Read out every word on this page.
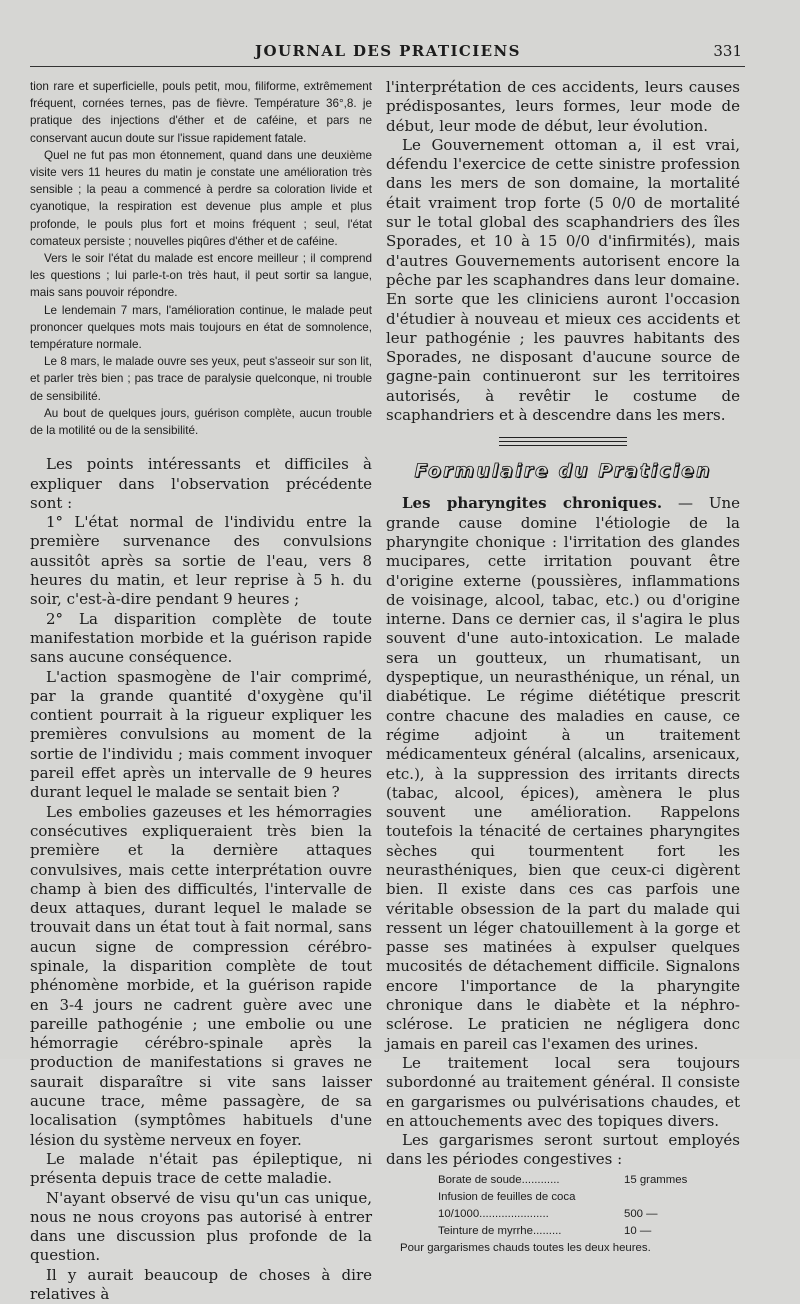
JOURNAL DES PRATICIENS	331

tion rare et superficielle, pouls petit, mou, filiforme, extrêmement fréquent, cornées ternes, pas de fièvre. Température 36°,8. je pratique des injections d'éther et de caféine, et pars ne conservant aucun doute sur l'issue rapidement fatale.

Quel ne fut pas mon étonnement, quand dans une deuxième visite vers 11 heures du matin je constate une amélioration très sensible ; la peau a commencé à perdre sa coloration livide et cyanotique, la respiration est devenue plus ample et plus profonde, le pouls plus fort et moins fréquent ; seul, l'état comateux persiste ; nouvelles piqûres d'éther et de caféine.

Vers le soir l'état du malade est encore meilleur ; il comprend les questions ; lui parle-t-on très haut, il peut sortir sa langue, mais sans pouvoir répondre.

Le lendemain 7 mars, l'amélioration continue, le malade peut prononcer quelques mots mais toujours en état de somnolence, température normale.

Le 8 mars, le malade ouvre ses yeux, peut s'asseoir sur son lit, et parler très bien ; pas trace de paralysie quelconque, ni trouble de sensibilité.

Au bout de quelques jours, guérison complète, aucun trouble de la motilité ou de la sensibilité.

Les points intéressants et difficiles à expliquer dans l'observation précédente sont :

1° L'état normal de l'individu entre la première survenance des convulsions aussitôt après sa sortie de l'eau, vers 8 heures du matin, et leur reprise à 5 h. du soir, c'est-à-dire pendant 9 heures ;

2° La disparition complète de toute manifestation morbide et la guérison rapide sans aucune conséquence.

L'action spasmogène de l'air comprimé, par la grande quantité d'oxygène qu'il contient pourrait à la rigueur expliquer les premières convulsions au moment de la sortie de l'individu ; mais comment invoquer pareil effet après un intervalle de 9 heures durant lequel le malade se sentait bien ?

Les embolies gazeuses et les hémorragies consécutives expliqueraient très bien la première et la dernière attaques convulsives, mais cette interprétation ouvre champ à bien des difficultés, l'intervalle de deux attaques, durant lequel le malade se trouvait dans un état tout à fait normal, sans aucun signe de compression cérébro-spinale, la disparition complète de tout phénomène morbide, et la guérison rapide en 3-4 jours ne cadrent guère avec une pareille pathogénie ; une embolie ou une hémorragie cérébro-spinale après la production de manifestations si graves ne saurait disparaître si vite sans laisser aucune trace, même passagère, de sa localisation (symptômes habituels d'une lésion du système nerveux en foyer.

Le malade n'était pas épileptique, ni présenta depuis trace de cette maladie.

N'ayant observé de visu qu'un cas unique, nous ne nous croyons pas autorisé à entrer dans une discussion plus profonde de la question.

Il y aurait beaucoup de choses à dire relatives à

l'interprétation de ces accidents, leurs causes prédisposantes, leurs formes, leur mode de début, leur mode de début, leur évolution.

Le Gouvernement ottoman a, il est vrai, défendu l'exercice de cette sinistre profession dans les mers de son domaine, la mortalité était vraiment trop forte (5 0/0 de mortalité sur le total global des scaphandriers des îles Sporades, et 10 à 15 0/0 d'infirmités), mais d'autres Gouvernements autorisent encore la pêche par les scaphandres dans leur domaine. En sorte que les cliniciens auront l'occasion d'étudier à nouveau et mieux ces accidents et leur pathogénie ; les pauvres habitants des Sporades, ne disposant d'aucune source de gagne-pain continueront sur les territoires autorisés, à revêtir le costume de scaphandriers et à descendre dans les mers.

Formulaire du Praticien

Les pharyngites chroniques. — Une grande cause domine l'étiologie de la pharyngite chonique : l'irritation des glandes mucipares, cette irritation pouvant être d'origine externe (poussières, inflammations de voisinage, alcool, tabac, etc.) ou d'origine interne. Dans ce dernier cas, il s'agira le plus souvent d'une auto-intoxication. Le malade sera un goutteux, un rhumatisant, un dyspeptique, un neurasthénique, un rénal, un diabétique. Le régime diététique prescrit contre chacune des maladies en cause, ce régime adjoint à un traitement médicamenteux général (alcalins, arsenicaux, etc.), à la suppression des irritants directs (tabac, alcool, épices), amènera le plus souvent une amélioration. Rappelons toutefois la ténacité de certaines pharyngites sèches qui tourmentent fort les neurasthéniques, bien que ceux-ci digèrent bien. Il existe dans ces cas parfois une véritable obsession de la part du malade qui ressent un léger chatouillement à la gorge et passe ses matinées à expulser quelques mucosités de détachement difficile. Signalons encore l'importance de la pharyngite chronique dans le diabète et la néphro-sclérose. Le praticien ne négligera donc jamais en pareil cas l'examen des urines.

Le traitement local sera toujours subordonné au traitement général. Il consiste en gargarismes ou pulvérisations chaudes, et en attouchements avec des topiques divers.

Les gargarismes seront surtout employés dans les périodes congestives :

Borate de soude............	15 grammes
Infusion de feuilles de coca
10/1000......................	500 —
Teinture de myrrhe.........	10 —
Pour gargarismes chauds toutes les deux heures.
